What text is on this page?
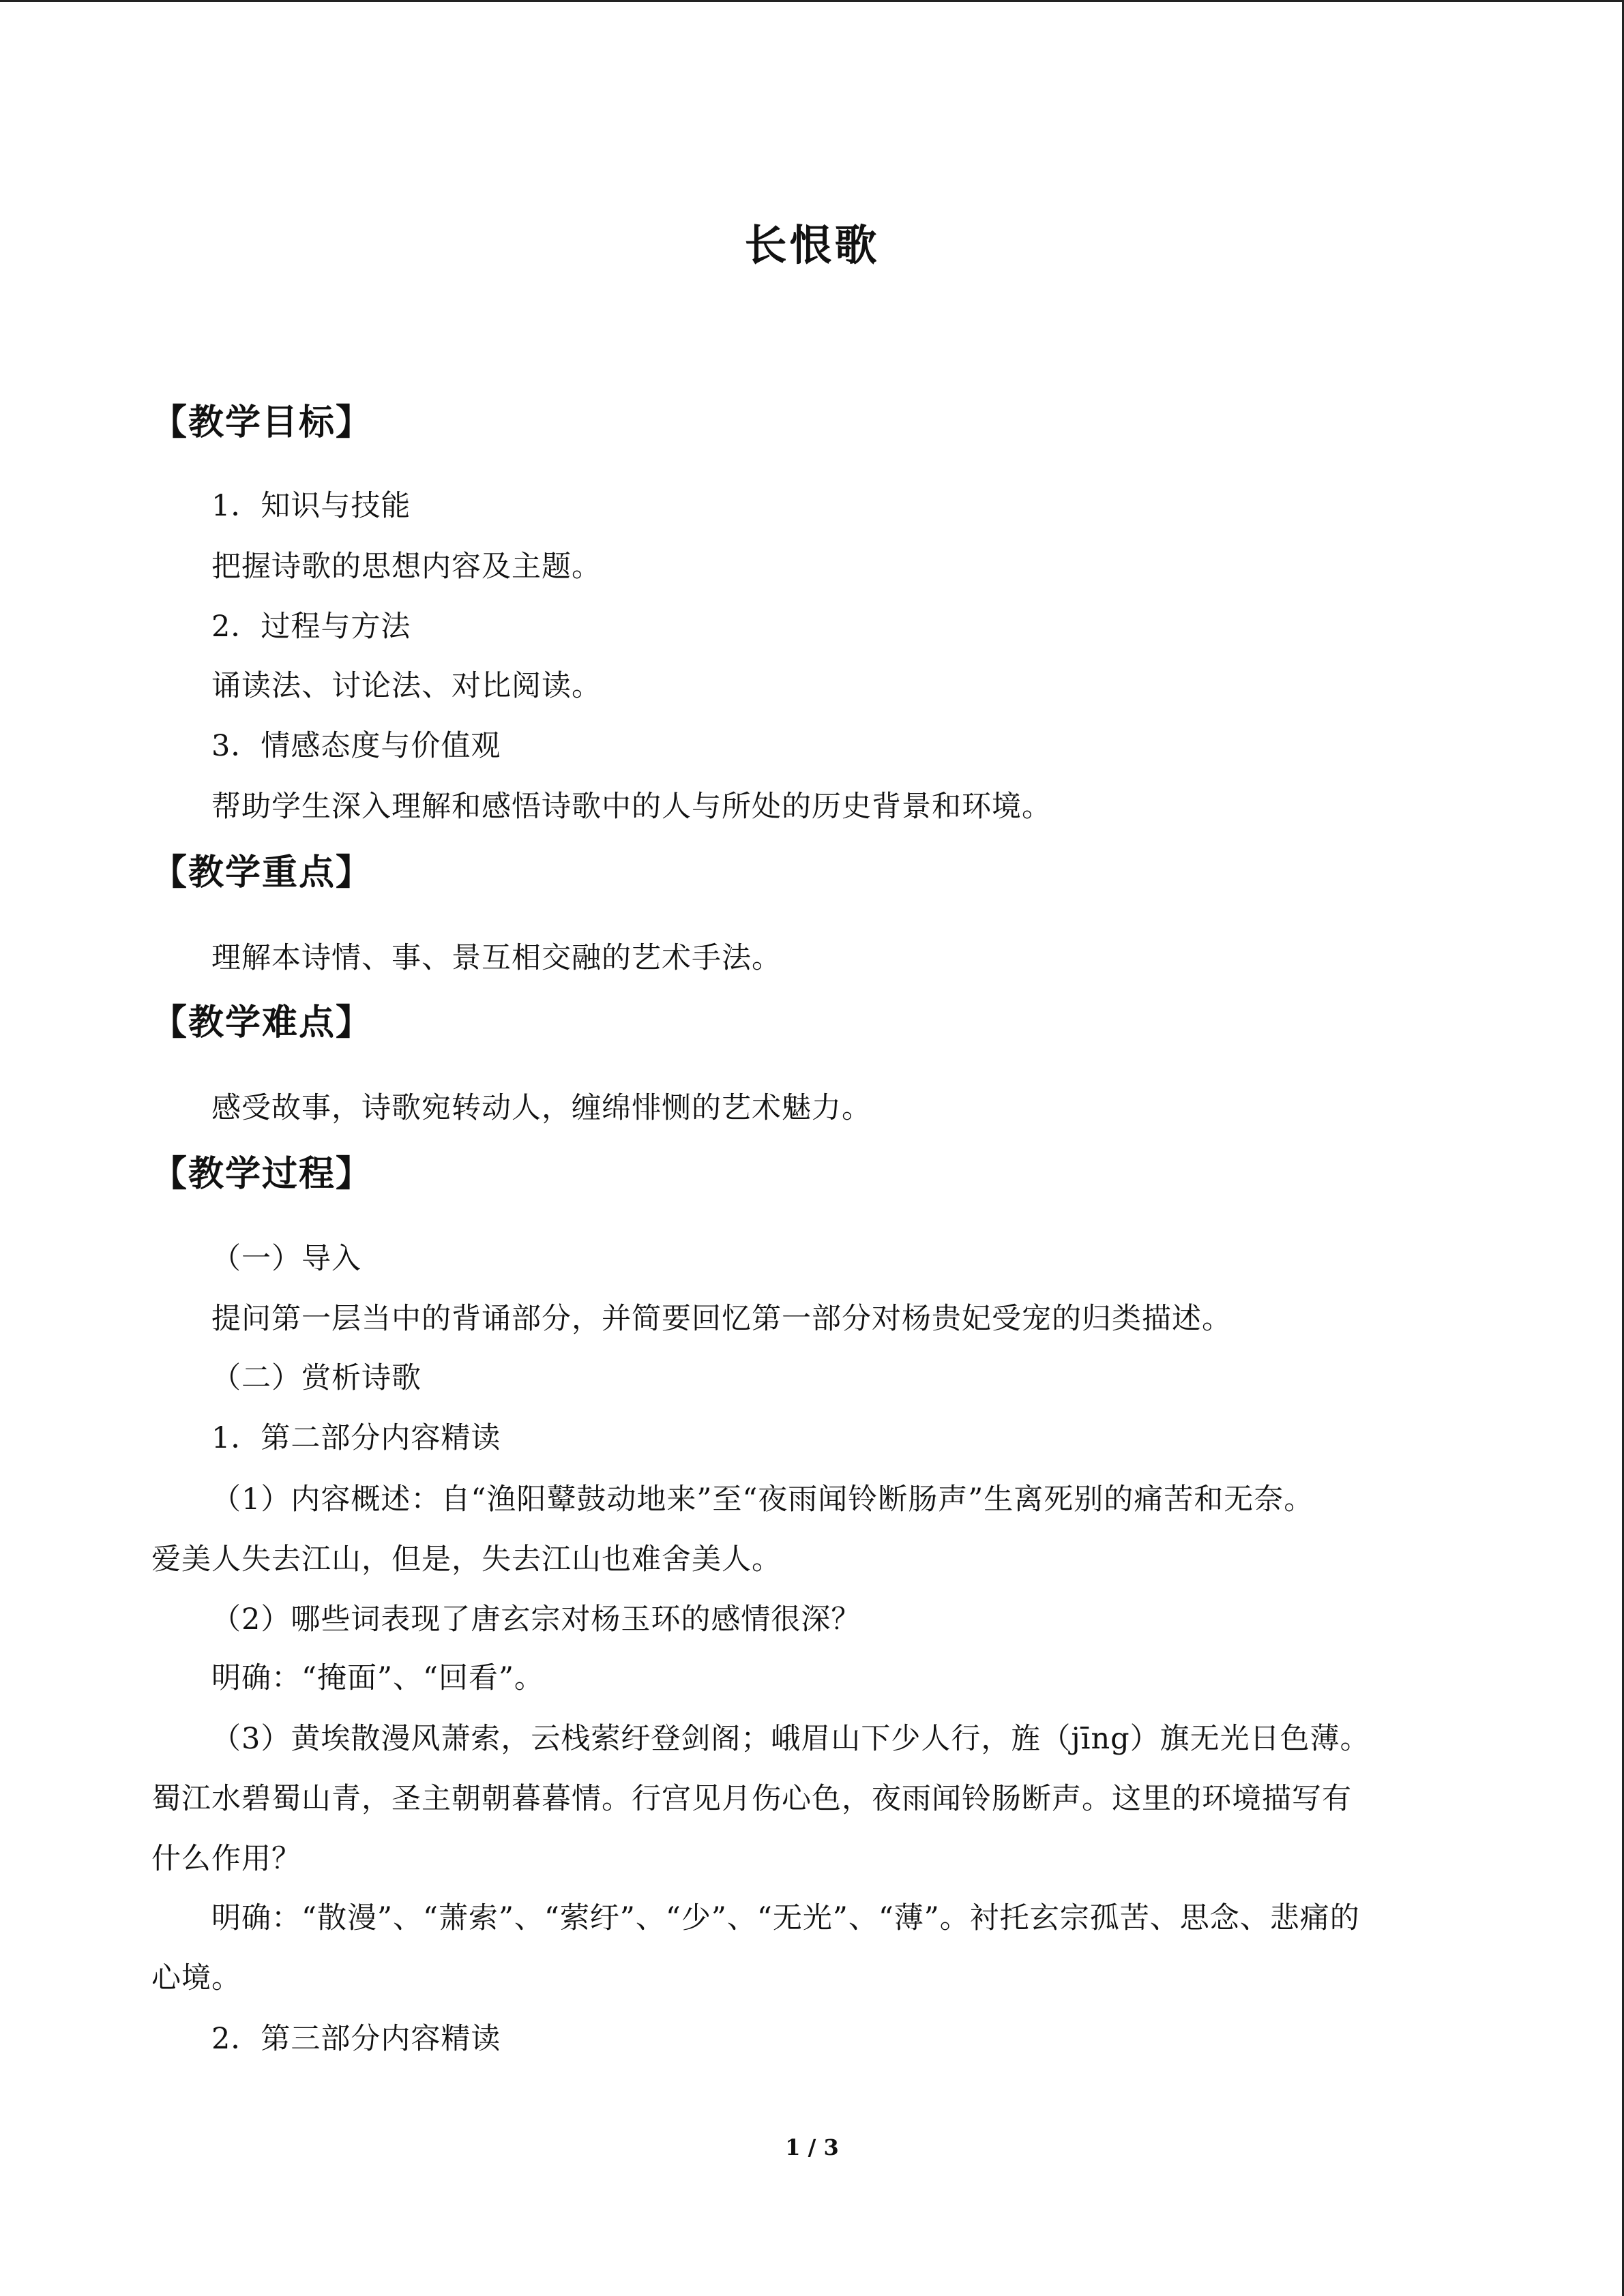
长恨歌
【教学目标】
1．知识与技能
把握诗歌的思想内容及主题。
2．过程与方法
诵读法、讨论法、对比阅读。
3．情感态度与价值观
帮助学生深入理解和感悟诗歌中的人与所处的历史背景和环境。
【教学重点】
理解本诗情、事、景互相交融的艺术手法。
【教学难点】
感受故事，诗歌宛转动人，缠绵悱恻的艺术魅力。
【教学过程】
（一）导入
提问第一层当中的背诵部分，并简要回忆第一部分对杨贵妃受宠的归类描述。
（二）赏析诗歌
1．第二部分内容精读
（1）内容概述：自“渔阳鼙鼓动地来”至“夜雨闻铃断肠声”生离死别的痛苦和无奈。
爱美人失去江山，但是，失去江山也难舍美人。
（2）哪些词表现了唐玄宗对杨玉环的感情很深？
明确：“掩面”、“回看”。
（3）黄埃散漫风萧索，云栈萦纡登剑阁；峨眉山下少人行，旌（jīng）旗无光日色薄。
蜀江水碧蜀山青，圣主朝朝暮暮情。行宫见月伤心色，夜雨闻铃肠断声。这里的环境描写有
什么作用？
明确：“散漫”、“萧索”、“萦纡”、“少”、“无光”、“薄”。衬托玄宗孤苦、思念、悲痛的
心境。
2．第三部分内容精读
1 / 3
